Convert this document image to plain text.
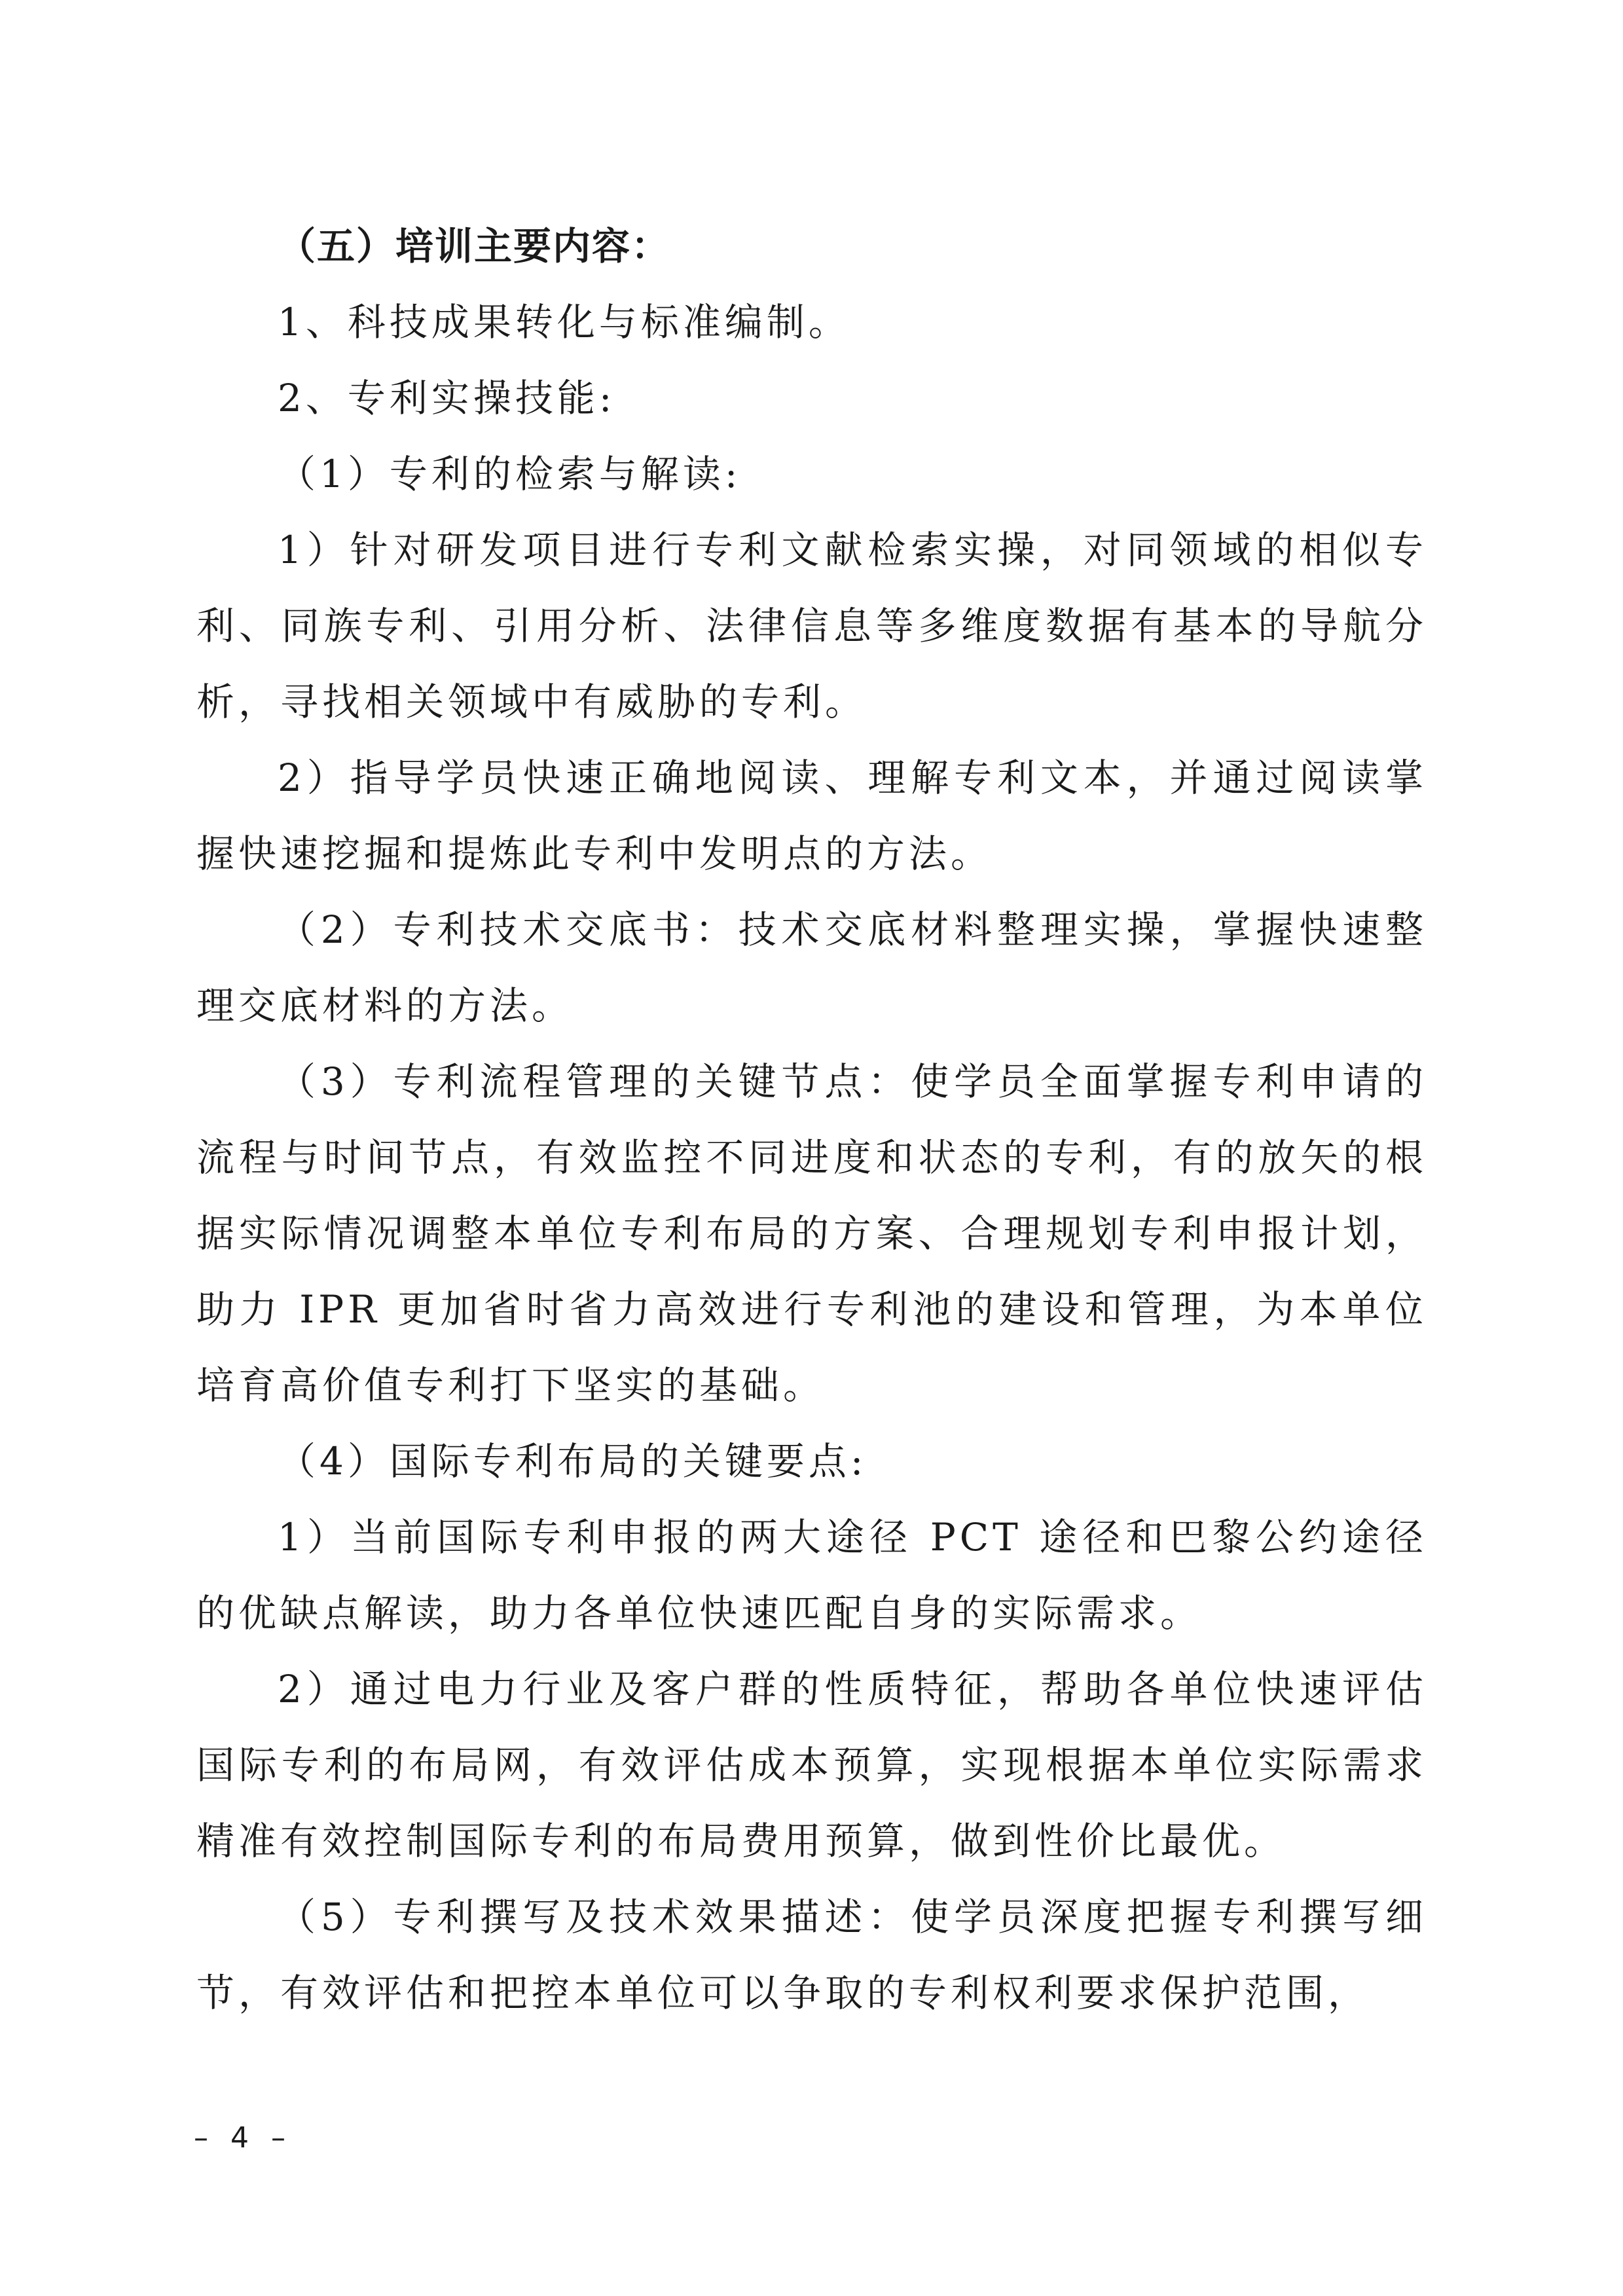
（五）培训主要内容：

1、科技成果转化与标准编制。

2、专利实操技能:

（1）专利的检索与解读:

1）针对研发项目进行专利文献检索实操，对同领域的相似专利、同族专利、引用分析、法律信息等多维度数据有基本的导航分析，寻找相关领域中有威胁的专利。

2）指导学员快速正确地阅读、理解专利文本，并通过阅读掌握快速挖掘和提炼此专利中发明点的方法。

（2）专利技术交底书：技术交底材料整理实操，掌握快速整理交底材料的方法。

（3）专利流程管理的关键节点：使学员全面掌握专利申请的流程与时间节点，有效监控不同进度和状态的专利，有的放矢的根据实际情况调整本单位专利布局的方案、合理规划专利申报计划，助力 IPR 更加省时省力高效进行专利池的建设和管理，为本单位培育高价值专利打下坚实的基础。

（4）国际专利布局的关键要点:

1）当前国际专利申报的两大途径 PCT 途径和巴黎公约途径的优缺点解读，助力各单位快速匹配自身的实际需求。

2）通过电力行业及客户群的性质特征，帮助各单位快速评估国际专利的布局网，有效评估成本预算，实现根据本单位实际需求精准有效控制国际专利的布局费用预算，做到性价比最优。

（5）专利撰写及技术效果描述：使学员深度把握专利撰写细节，有效评估和把控本单位可以争取的专利权利要求保护范围，

– 4 –
